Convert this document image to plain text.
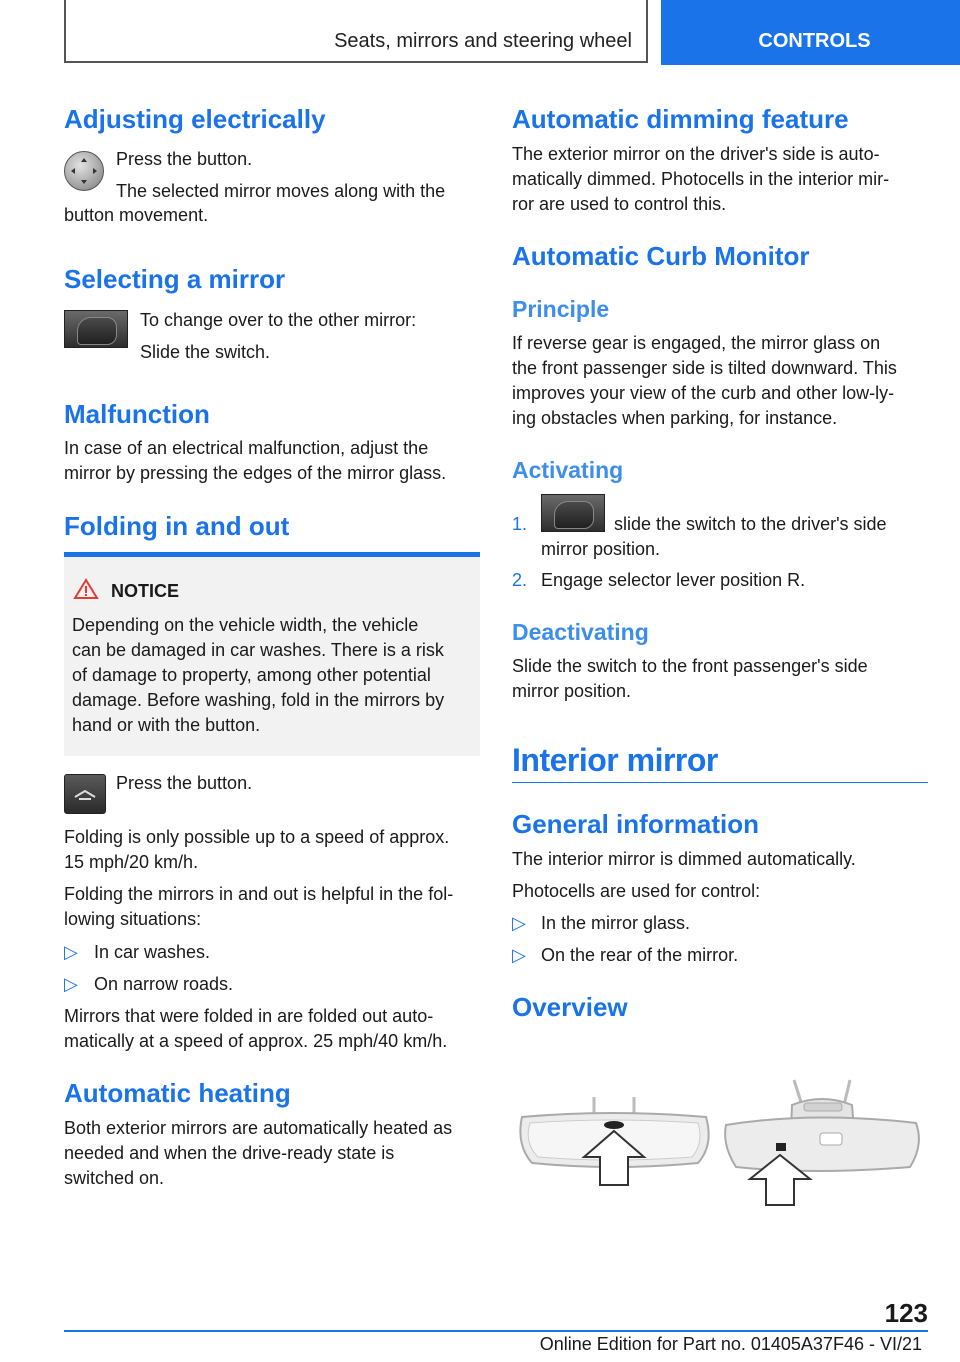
Seats, mirrors and steering wheel	CONTROLS
Adjusting electrically
Press the button.
The selected mirror moves along with the
button movement.
Selecting a mirror
To change over to the other mirror:
Slide the switch.
Malfunction
In case of an electrical malfunction, adjust the
mirror by pressing the edges of the mirror glass.
Folding in and out
NOTICE
Depending on the vehicle width, the vehicle
can be damaged in car washes. There is a risk
of damage to property, among other potential
damage. Before washing, fold in the mirrors by
hand or with the button.
Press the button.
Folding is only possible up to a speed of approx.
15 mph/20 km/h.
Folding the mirrors in and out is helpful in the fol-
lowing situations:
▷ In car washes.
▷ On narrow roads.
Mirrors that were folded in are folded out auto-
matically at a speed of approx. 25 mph/40 km/h.
Automatic heating
Both exterior mirrors are automatically heated as
needed and when the drive-ready state is
switched on.
Automatic dimming feature
The exterior mirror on the driver's side is auto-
matically dimmed. Photocells in the interior mir-
ror are used to control this.
Automatic Curb Monitor
Principle
If reverse gear is engaged, the mirror glass on
the front passenger side is tilted downward. This
improves your view of the curb and other low-ly-
ing obstacles when parking, for instance.
Activating
1.	slide the switch to the driver's side
mirror position.
2. Engage selector lever position R.
Deactivating
Slide the switch to the front passenger's side
mirror position.
Interior mirror
General information
The interior mirror is dimmed automatically.
Photocells are used for control:
▷ In the mirror glass.
▷ On the rear of the mirror.
Overview
123
Online Edition for Part no. 01405A37F46 - VI/21
